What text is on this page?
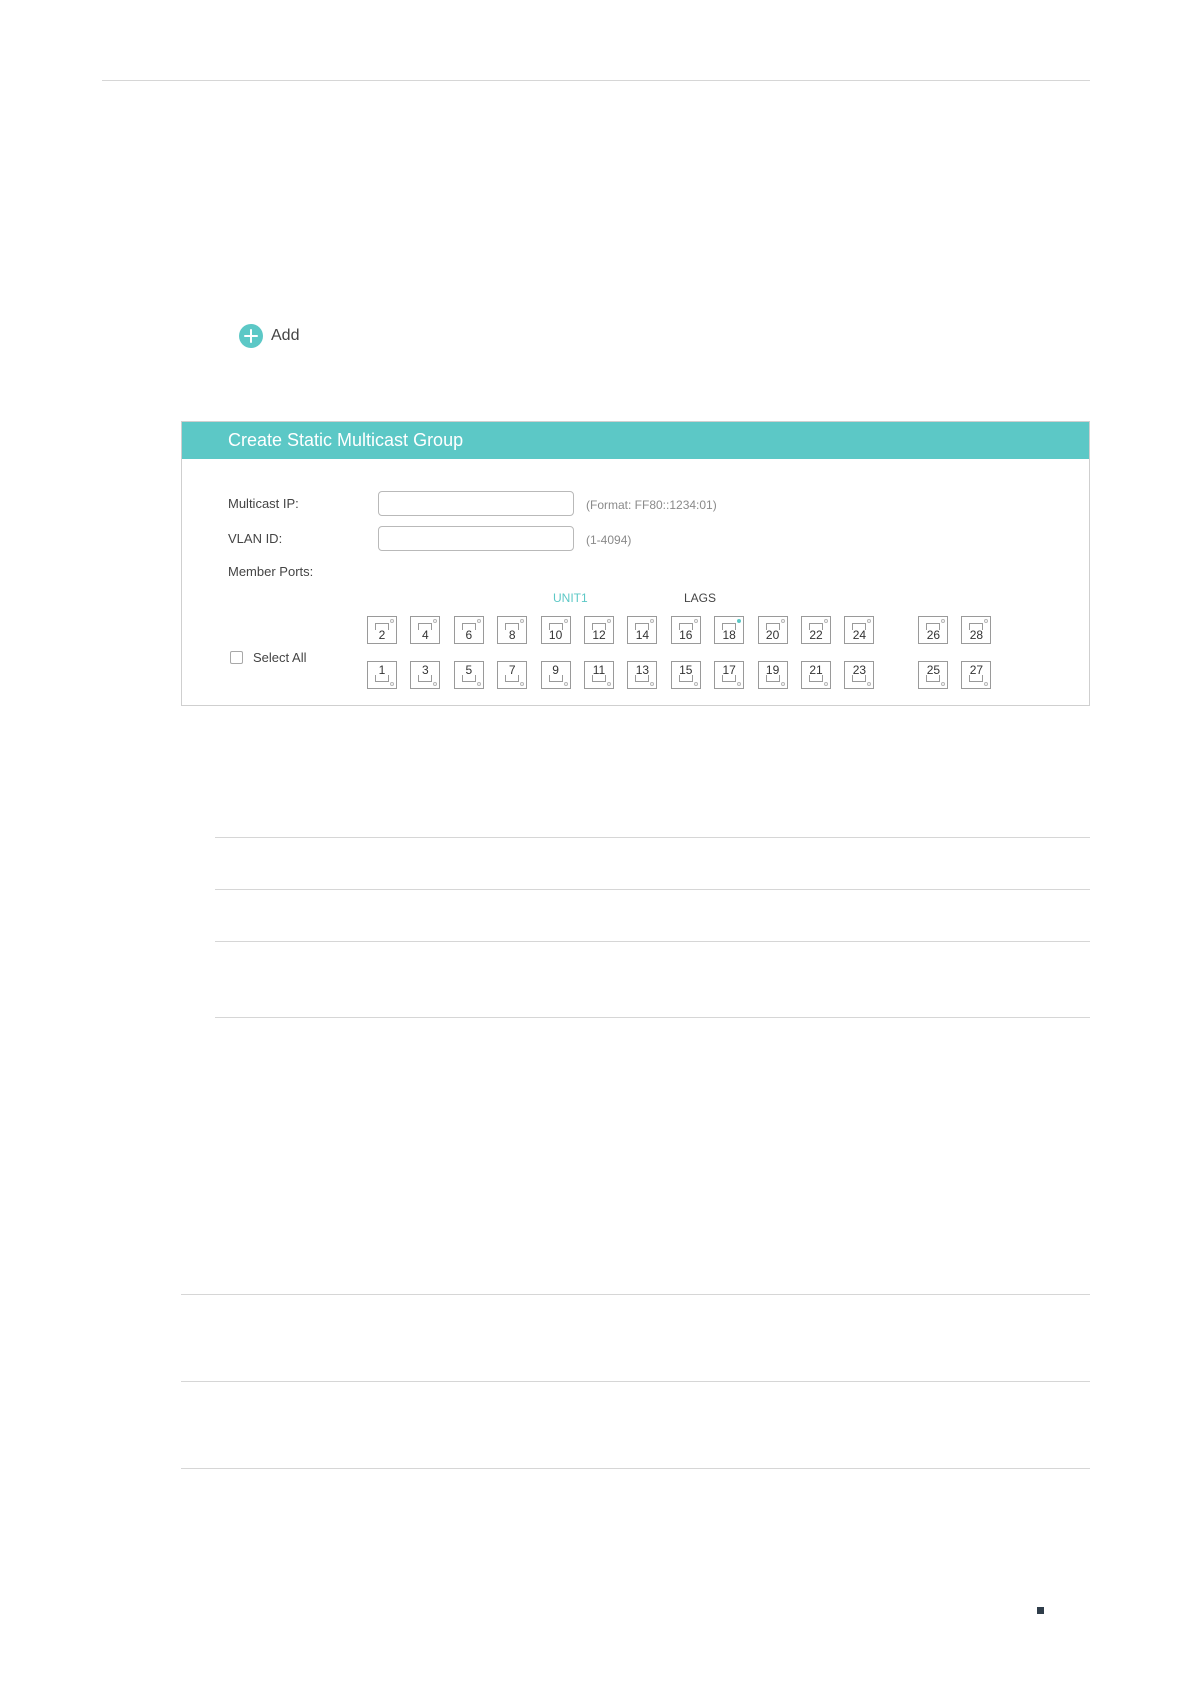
Add
Create Static Multicast Group
Multicast IP:	(Format: FF80::1234:01)
VLAN ID:	(1-4094)
Member Ports:
UNIT1	LAGS
Select All
2	4	6	8	10	12	14	16	18	20	22	24	26	28
1	3	5	7	9	11	13	15	17	19	21	23	25	27
